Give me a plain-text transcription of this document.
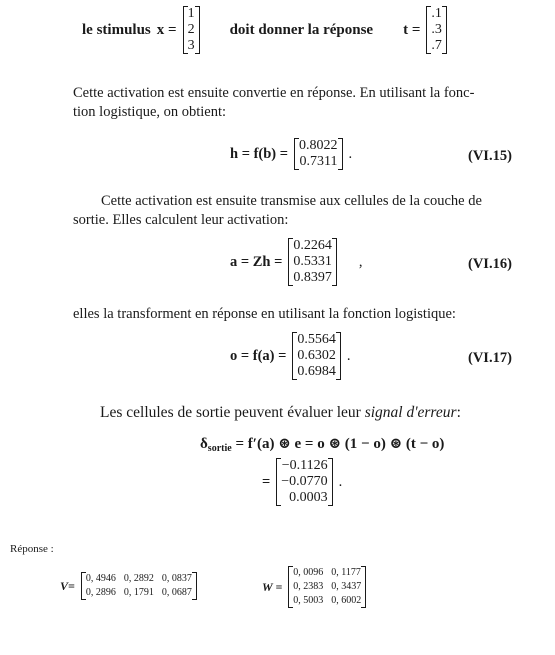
le stimulus x =
1
2
3
doit donner la réponse t =
.1
.3
.7
Cette activation est ensuite convertie en réponse. En utilisant la fonc-
tion logistique, on obtient:
h = f(b) = 0.8022
0.7311 .	(VI.15)
Cette activation est ensuite transmise aux cellules de la couche de
sortie. Elles calculent leur activation:
a = Zh =
0.2264
0.5331
0.8397
,	(VI.16)
elles la transforment en réponse en utilisant la fonction logistique:
o = f(a) =
0.5564
0.6302
0.6984
.	(VI.17)
Les cellules de sortie peuvent évaluer leur signal d'erreur:
$\delta_{sortie} = f'(a)$ ⊛ e = o ⊛ (1 − o) ⊛ (t − o)
=
−0.1126
−0.0770
0.0003
.
Réponse :
V= 0, 4946 0, 2892 0, 0837
0, 2896 0, 1791 0, 0687	W =
0, 0096 0, 1177
0, 2383 0, 3437
0, 5003 0, 6002
